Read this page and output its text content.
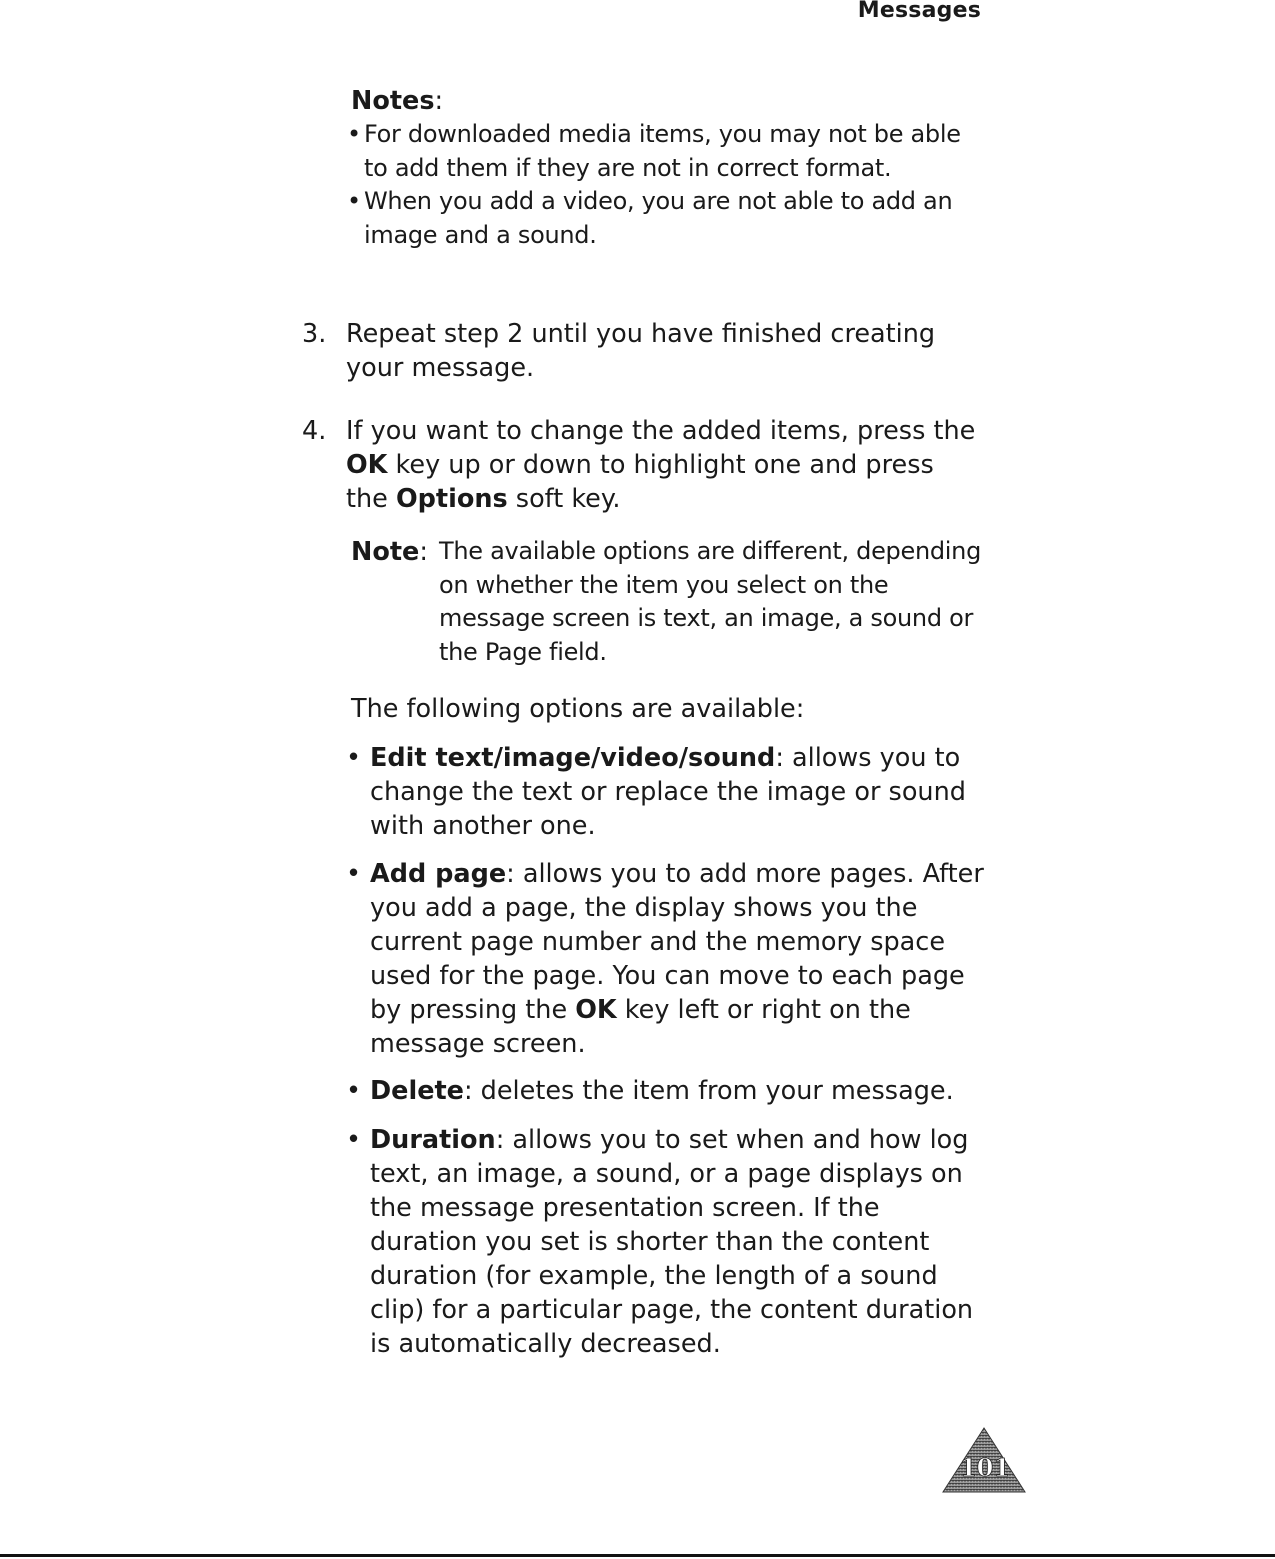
Messages
Notes:
• For downloaded media items, you may not be able to add them if they are not in correct format.
• When you add a video, you are not able to add an image and a sound.
3. Repeat step 2 until you have finished creating your message.
4. If you want to change the added items, press the OK key up or down to highlight one and press the Options soft key.
Note: The available options are different, depending on whether the item you select on the message screen is text, an image, a sound or the Page field.
The following options are available:
• Edit text/image/video/sound: allows you to change the text or replace the image or sound with another one.
• Add page: allows you to add more pages. After you add a page, the display shows you the current page number and the memory space used for the page. You can move to each page by pressing the OK key left or right on the message screen.
• Delete: deletes the item from your message.
• Duration: allows you to set when and how log text, an image, a sound, or a page displays on the message presentation screen. If the duration you set is shorter than the content duration (for example, the length of a sound clip) for a particular page, the content duration is automatically decreased.
101
